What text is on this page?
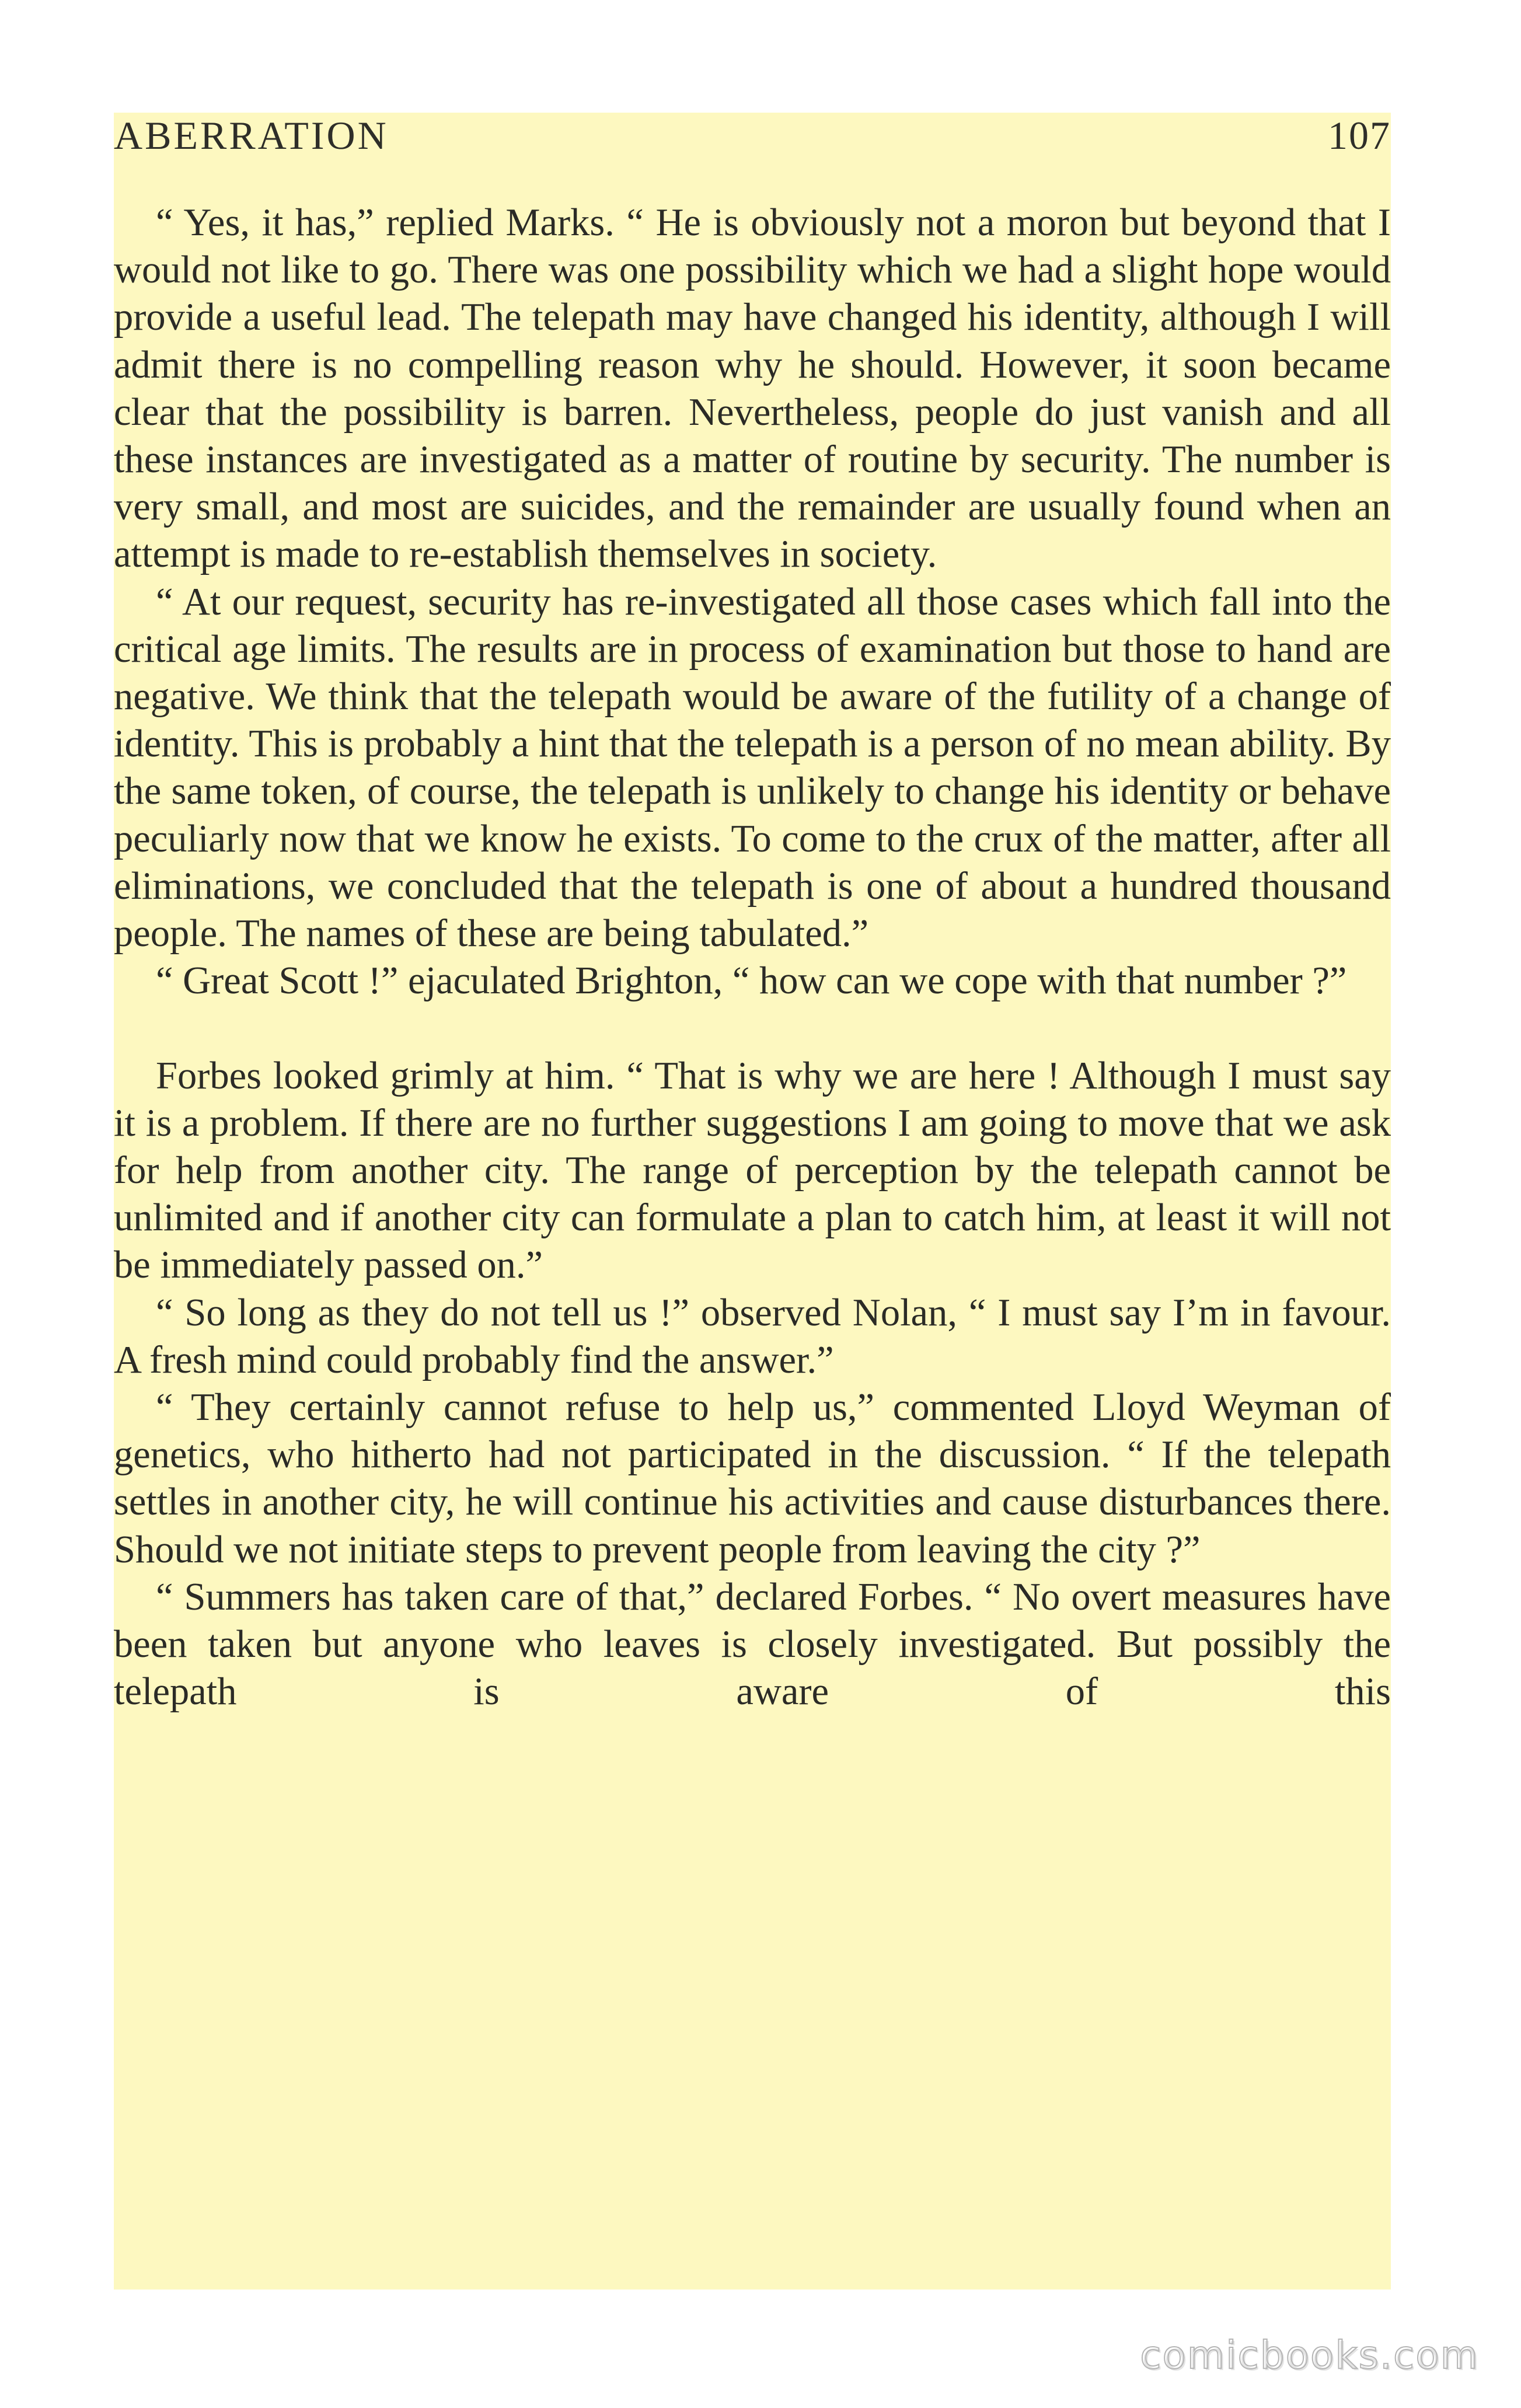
ABERRATION	107

“ Yes, it has,” replied Marks. “ He is obviously not a moron but beyond that I would not like to go. There was one possibility which we had a slight hope would provide a useful lead. The telepath may have changed his identity, although I will admit there is no compelling reason why he should. However, it soon became clear that the possibility is barren. Nevertheless, people do just vanish and all these instances are investigated as a matter of routine by security. The number is very small, and most are suicides, and the remainder are usually found when an attempt is made to re-establish themselves in society.

“ At our request, security has re-investigated all those cases which fall into the critical age limits. The results are in process of examination but those to hand are negative. We think that the telepath would be aware of the futility of a change of identity. This is probably a hint that the telepath is a person of no mean ability. By the same token, of course, the telepath is unlikely to change his identity or behave peculiarly now that we know he exists. To come to the crux of the matter, after all eliminations, we concluded that the telepath is one of about a hundred thousand people. The names of these are being tabulated.”

“ Great Scott !” ejaculated Brighton, “ how can we cope with that number ?”

Forbes looked grimly at him. “ That is why we are here ! Although I must say it is a problem. If there are no further suggestions I am going to move that we ask for help from another city. The range of perception by the telepath cannot be unlimited and if another city can formulate a plan to catch him, at least it will not be immediately passed on.”

“ So long as they do not tell us !” observed Nolan, “ I must say I’m in favour. A fresh mind could probably find the answer.”

“ They certainly cannot refuse to help us,” commented Lloyd Weyman of genetics, who hitherto had not participated in the discussion. “ If the telepath settles in another city, he will continue his activities and cause disturbances there. Should we not initiate steps to prevent people from leaving the city ?”

“ Summers has taken care of that,” declared Forbes. “ No overt measures have been taken but anyone who leaves is closely investigated. But possibly the telepath is aware of this

comicbooks.com
